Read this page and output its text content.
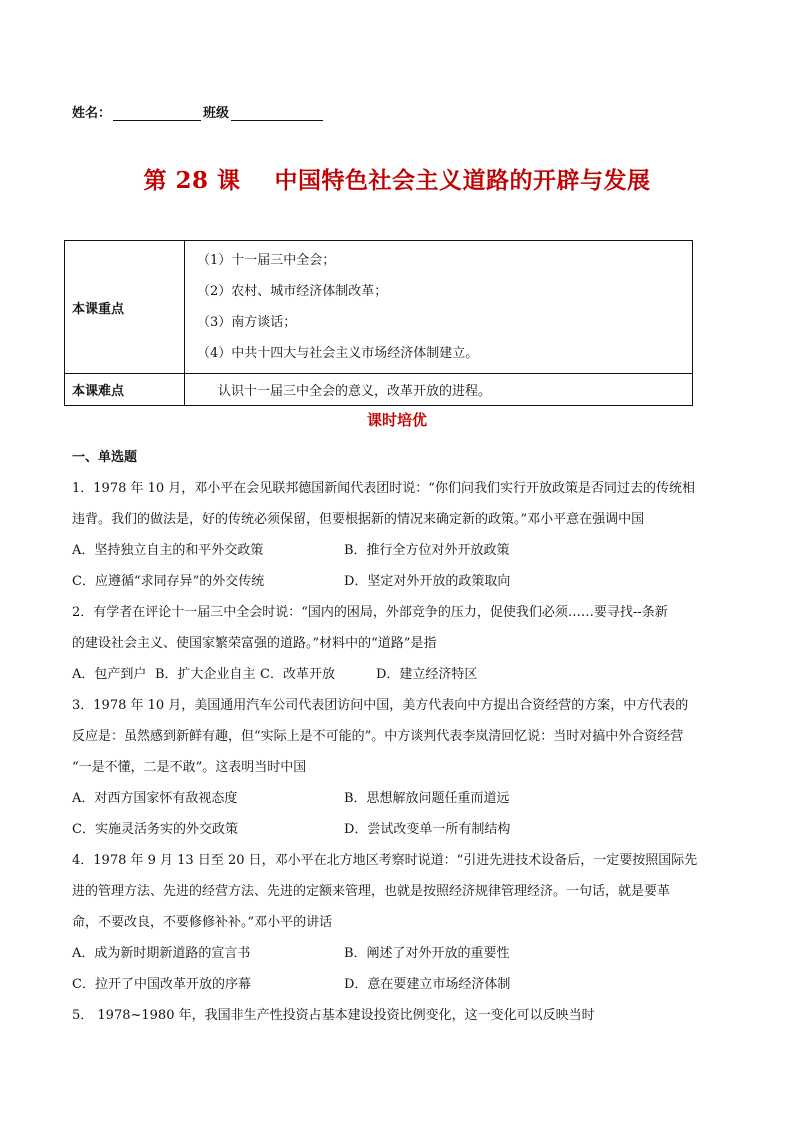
姓名：	班级
第 28 课    中国特色社会主义道路的开辟与发展
本课重点	（1）十一届三中全会；
（2）农村、城市经济体制改革；
（3）南方谈话；
（4）中共十四大与社会主义市场经济体制建立。

本课难点	认识十一届三中全会的意义，改革开放的进程。
课时培优
一、单选题
1．1978 年 10 月，邓小平在会见联邦德国新闻代表团时说：“你们问我们实行开放政策是否同过去的传统相
违背。我们的做法是，好的传统必须保留，但要根据新的情况来确定新的政策。”邓小平意在强调中国
A．坚持独立自主的和平外交政策	B．推行全方位对外开放政策
C．应遵循“求同存异”的外交传统	D．坚定对外开放的政策取向
2．有学者在评论十一届三中全会时说：“国内的困局，外部竞争的压力，促使我们必须……要寻找--条新
的建设社会主义、使国家繁荣富强的道路。”材料中的“道路”是指
A．包产到户 B．扩大企业自主 C．改革开放	D．建立经济特区
3．1978 年 10 月，美国通用汽车公司代表团访问中国，美方代表向中方提出合资经营的方案，中方代表的
反应是：虽然感到新鲜有趣，但“实际上是不可能的”。中方谈判代表李岚清回忆说：当时对搞中外合资经营
“一是不懂，二是不敢”。这表明当时中国
A．对西方国家怀有敌视态度	B．思想解放问题任重而道远
C．实施灵活务实的外交政策	D．尝试改变单一所有制结构
4．1978 年 9 月 13 日至 20 日，邓小平在北方地区考察时说道：“引进先进技术设备后，一定要按照国际先
进的管理方法、先进的经营方法、先进的定额来管理，也就是按照经济规律管理经济。一句话，就是要革
命，不要改良，不要修修补补。”邓小平的讲话
A．成为新时期新道路的宣言书	B．阐述了对外开放的重要性
C．拉开了中国改革开放的序幕	D．意在要建立市场经济体制
5． 1978~1980 年，我国非生产性投资占基本建设投资比例变化，这一变化可以反映当时
